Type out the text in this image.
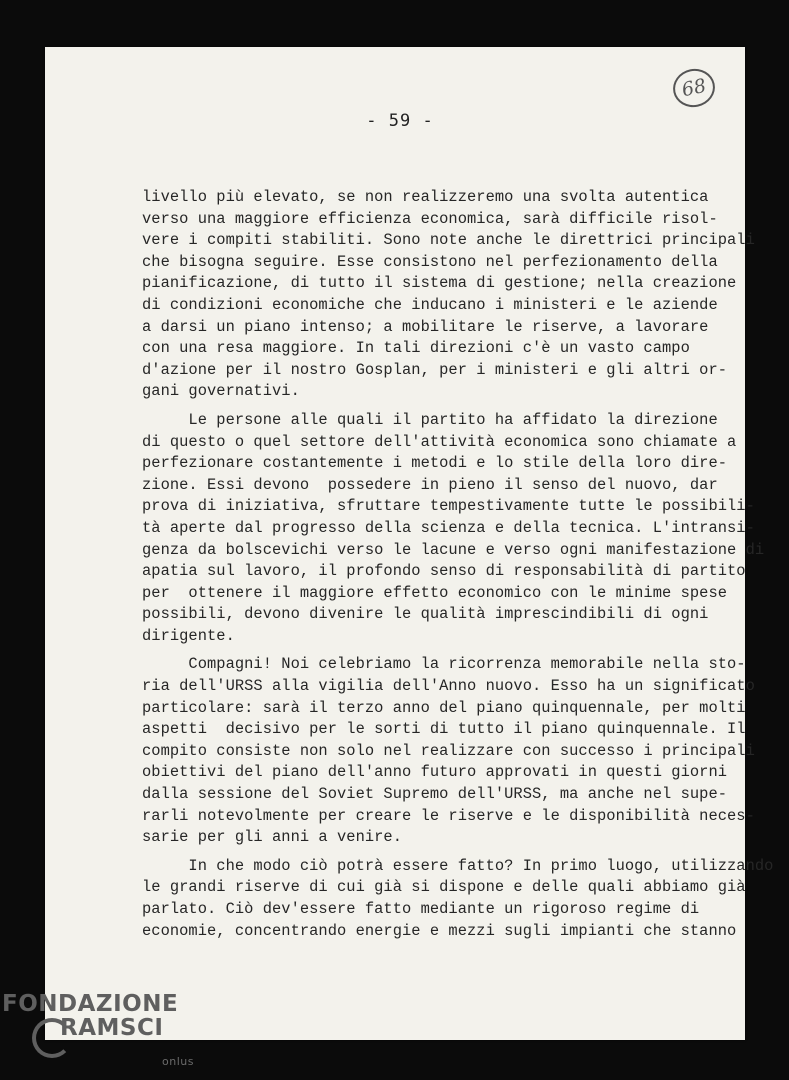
- 59 -
68

livello più elevato, se non realizzeremo una svolta autentica
verso una maggiore efficienza economica, sarà difficile risol-
vere i compiti stabiliti. Sono note anche le direttrici principali
che bisogna seguire. Esse consistono nel perfezionamento della
pianificazione, di tutto il sistema di gestione; nella creazione
di condizioni economiche che inducano i ministeri e le aziende
a darsi un piano intenso; a mobilitare le riserve, a lavorare
con una resa maggiore. In tali direzioni c'è un vasto campo
d'azione per il nostro Gosplan, per i ministeri e gli altri or-
gani governativi.

Le persone alle quali il partito ha affidato la direzione
di questo o quel settore dell'attività economica sono chiamate a
perfezionare costantemente i metodi e lo stile della loro dire-
zione. Essi devono  possedere in pieno il senso del nuovo, dar
prova di iniziativa, sfruttare tempestivamente tutte le possibili-
tà aperte dal progresso della scienza e della tecnica. L'intransi-
genza da bolscevichi verso le lacune e verso ogni manifestazione di
apatia sul lavoro, il profondo senso di responsabilità di partito
per  ottenere il maggiore effetto economico con le minime spese
possibili, devono divenire le qualità imprescindibili di ogni
dirigente.

Compagni! Noi celebriamo la ricorrenza memorabile nella sto-
ria dell'URSS alla vigilia dell'Anno nuovo. Esso ha un significato
particolare: sarà il terzo anno del piano quinquennale, per molti
aspetti  decisivo per le sorti di tutto il piano quinquennale. Il
compito consiste non solo nel realizzare con successo i principali
obiettivi del piano dell'anno futuro approvati in questi giorni
dalla sessione del Soviet Supremo dell'URSS, ma anche nel supe-
rarli notevolmente per creare le riserve e le disponibilità neces-
sarie per gli anni a venire.

In che modo ciò potrà essere fatto? In primo luogo, utilizzando
le grandi riserve di cui già si dispone e delle quali abbiamo già
parlato. Ciò dev'essere fatto mediante un rigoroso regime di
economie, concentrando energie e mezzi sugli impianti che stanno

FONDAZIONE
RAMSCI
onlus
